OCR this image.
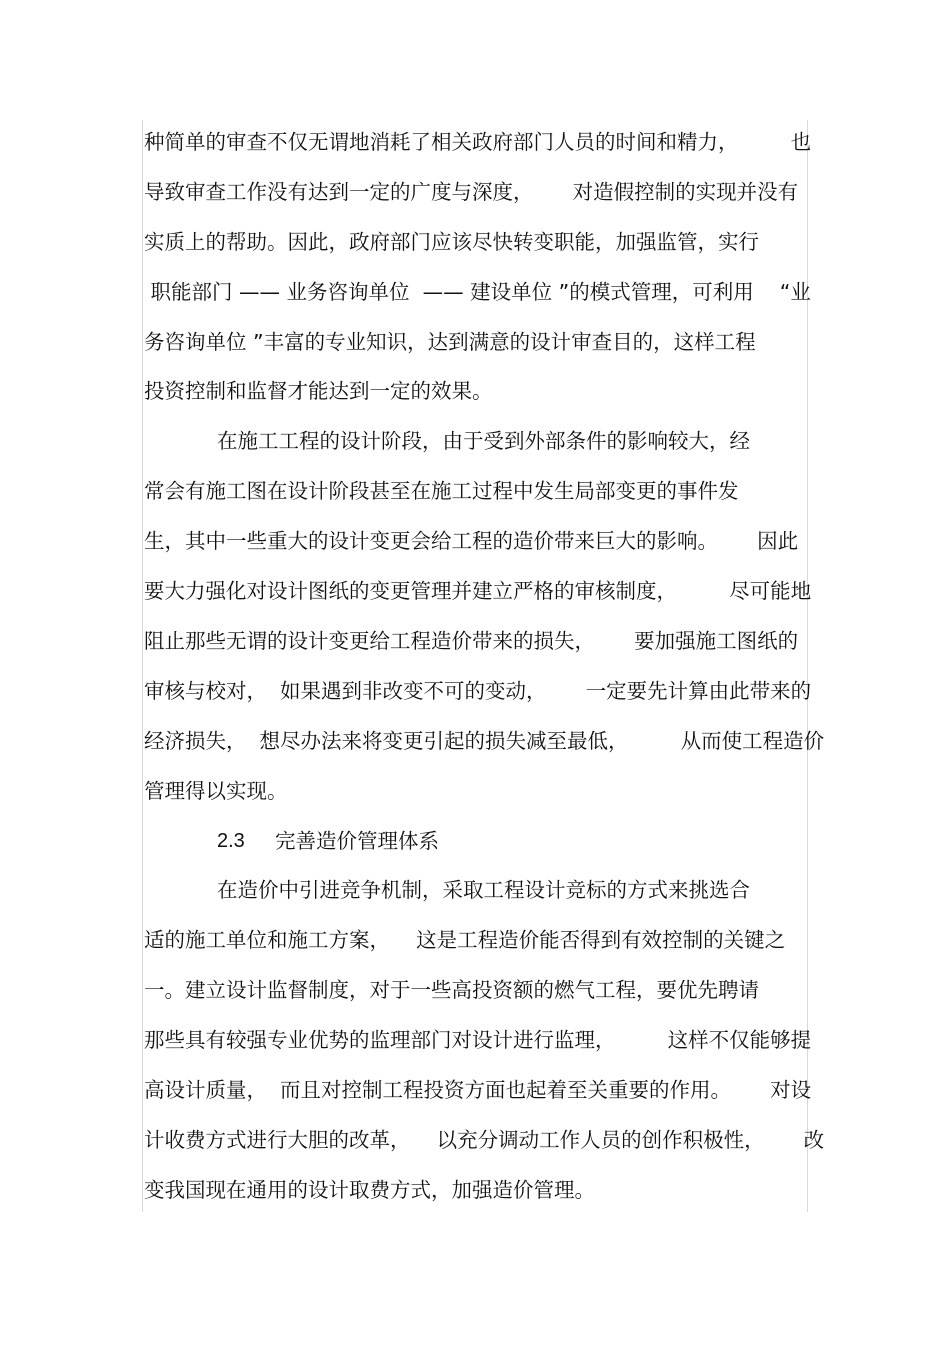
种简单的审查不仅无谓地消耗了相关政府部门人员的时间和精力，        也
导致审查工作没有达到一定的广度与深度，      对造假控制的实现并没有
实质上的帮助。因此，政府部门应该尽快转变职能，加强监管，实行
职能部门 —— 业务咨询单位  —— 建设单位 ”的模式管理，可利用    “业
务咨询单位 ”丰富的专业知识，达到满意的设计审查目的，这样工程
投资控制和监督才能达到一定的效果。
在施工工程的设计阶段，由于受到外部条件的影响较大，经
常会有施工图在设计阶段甚至在施工过程中发生局部变更的事件发
生，其中一些重大的设计变更会给工程的造价带来巨大的影响。      因此
要大力强化对设计图纸的变更管理并建立严格的审核制度，        尽可能地
阻止那些无谓的设计变更给工程造价带来的损失，      要加强施工图纸的
审核与校对，  如果遇到非改变不可的变动，      一定要先计算由此带来的
经济损失，  想尽办法来将变更引起的损失减至最低，        从而使工程造价
管理得以实现。
2.3 完善造价管理体系
在造价中引进竞争机制，采取工程设计竞标的方式来挑选合
适的施工单位和施工方案，    这是工程造价能否得到有效控制的关键之
一。建立设计监督制度，对于一些高投资额的燃气工程，要优先聘请
那些具有较强专业优势的监理部门对设计进行监理，        这样不仅能够提
高设计质量，  而且对控制工程投资方面也起着至关重要的作用。      对设
计收费方式进行大胆的改革，    以充分调动工作人员的创作积极性，      改
变我国现在通用的设计取费方式，加强造价管理。
